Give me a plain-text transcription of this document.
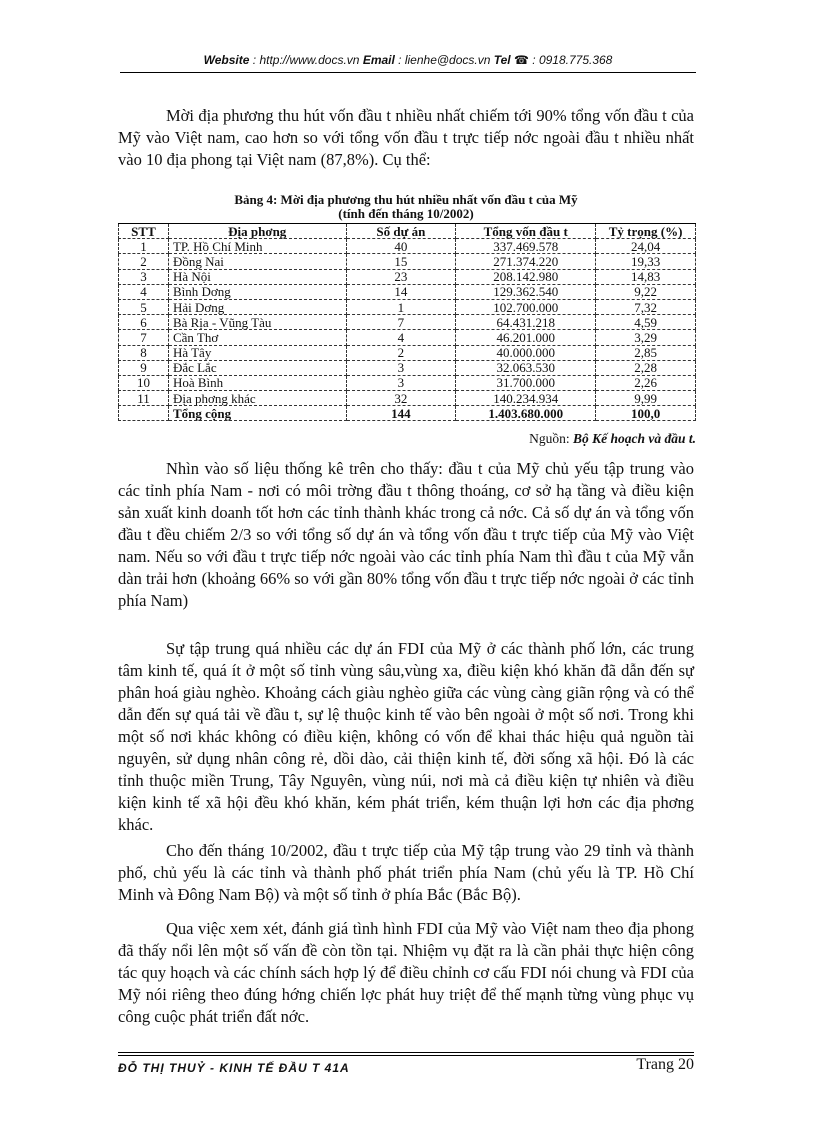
Website : http://www.docs.vn Email : lienhe@docs.vn Tel ☎ : 0918.775.368

Mời địa phương thu hút vốn đầu t nhiều nhất chiếm tới 90% tổng vốn đầu t của Mỹ vào Việt nam, cao hơn so với tổng vốn đầu t trực tiếp nớc ngoài đầu t nhiều nhất vào 10 địa phong tại Việt nam (87,8%). Cụ thể:

Bảng 4: Mời địa phương thu hút nhiều nhất vốn đầu t của Mỹ
(tính đến tháng 10/2002)
STT	Địa phơng	Số dự án	Tổng vốn đầu t	Tỷ trọng (%)
1	TP. Hồ Chí Minh	40	337.469.578	24,04
2	Đồng Nai	15	271.374.220	19,33
3	Hà Nội	23	208.142.980	14,83
4	Bình Dơng	14	129.362.540	9,22
5	Hải Dơng	1	102.700.000	7,32
6	Bà Rịa - Vũng Tàu	7	64.431.218	4,59
7	Cần Thơ	4	46.201.000	3,29
8	Hà Tây	2	40.000.000	2,85
9	Đắc Lắc	3	32.063.530	2,28
10	Hoà Bình	3	31.700.000	2,26
11	Địa phơng khác	32	140.234.934	9,99
	Tổng cộng	144	1.403.680.000	100,0
Nguồn: Bộ Kế hoạch và đầu t.

Nhìn vào số liệu thống kê trên cho thấy: đầu t của Mỹ chủ yếu tập trung vào các tỉnh phía Nam - nơi có môi trờng đầu t thông thoáng, cơ sở hạ tầng và điều kiện sản xuất kinh doanh tốt hơn các tỉnh thành khác trong cả nớc. Cả số dự án và tổng vốn đầu t đều chiếm 2/3 so với tổng số dự án và tổng vốn đầu t trực tiếp của Mỹ vào Việt nam. Nếu so với đầu t trực tiếp nớc ngoài vào các tỉnh phía Nam thì đầu t của Mỹ vẫn dàn trải hơn (khoảng 66% so với gần 80% tổng vốn đầu t trực tiếp nớc ngoài ở các tỉnh phía Nam)

Sự tập trung quá nhiều các dự án FDI của Mỹ ở các thành phố lớn, các trung tâm kinh tế, quá ít ở một số tỉnh vùng sâu,vùng xa, điều kiện khó khăn đã dẫn đến sự phân hoá giàu nghèo. Khoảng cách giàu nghèo giữa các vùng càng giãn rộng và có thể dẫn đến sự quá tải về đầu t, sự lệ thuộc kinh tế vào bên ngoài ở một số nơi. Trong khi một số nơi khác không có điều kiện, không có vốn để khai thác hiệu quả nguồn tài nguyên, sử dụng nhân công rẻ, dồi dào, cải thiện kinh tế, đời sống xã hội. Đó là các tỉnh thuộc miền Trung, Tây Nguyên, vùng núi, nơi mà cả điều kiện tự nhiên và điều kiện kinh tế xã hội đều khó khăn, kém phát triển, kém thuận lợi hơn các địa phơng khác.

Cho đến tháng 10/2002, đầu t trực tiếp của Mỹ tập trung vào 29 tỉnh và thành phố, chủ yếu là các tỉnh và thành phố phát triển phía Nam (chủ yếu là TP. Hồ Chí Minh và Đông Nam Bộ) và một số tỉnh ở phía Bắc (Bắc Bộ).

Qua việc xem xét, đánh giá tình hình FDI của Mỹ vào Việt nam theo địa phong đã thấy nổi lên một số vấn đề còn tồn tại. Nhiệm vụ đặt ra là cần phải thực hiện công tác quy hoạch và các chính sách hợp lý để điều chỉnh cơ cấu FDI nói chung và FDI của Mỹ nói riêng theo đúng hớng chiến lợc phát huy triệt để thế mạnh từng vùng phục vụ công cuộc phát triển đất nớc.

ĐỖ THỊ THUỶ - KINH TẾ ĐẦU T 41A	Trang 20
